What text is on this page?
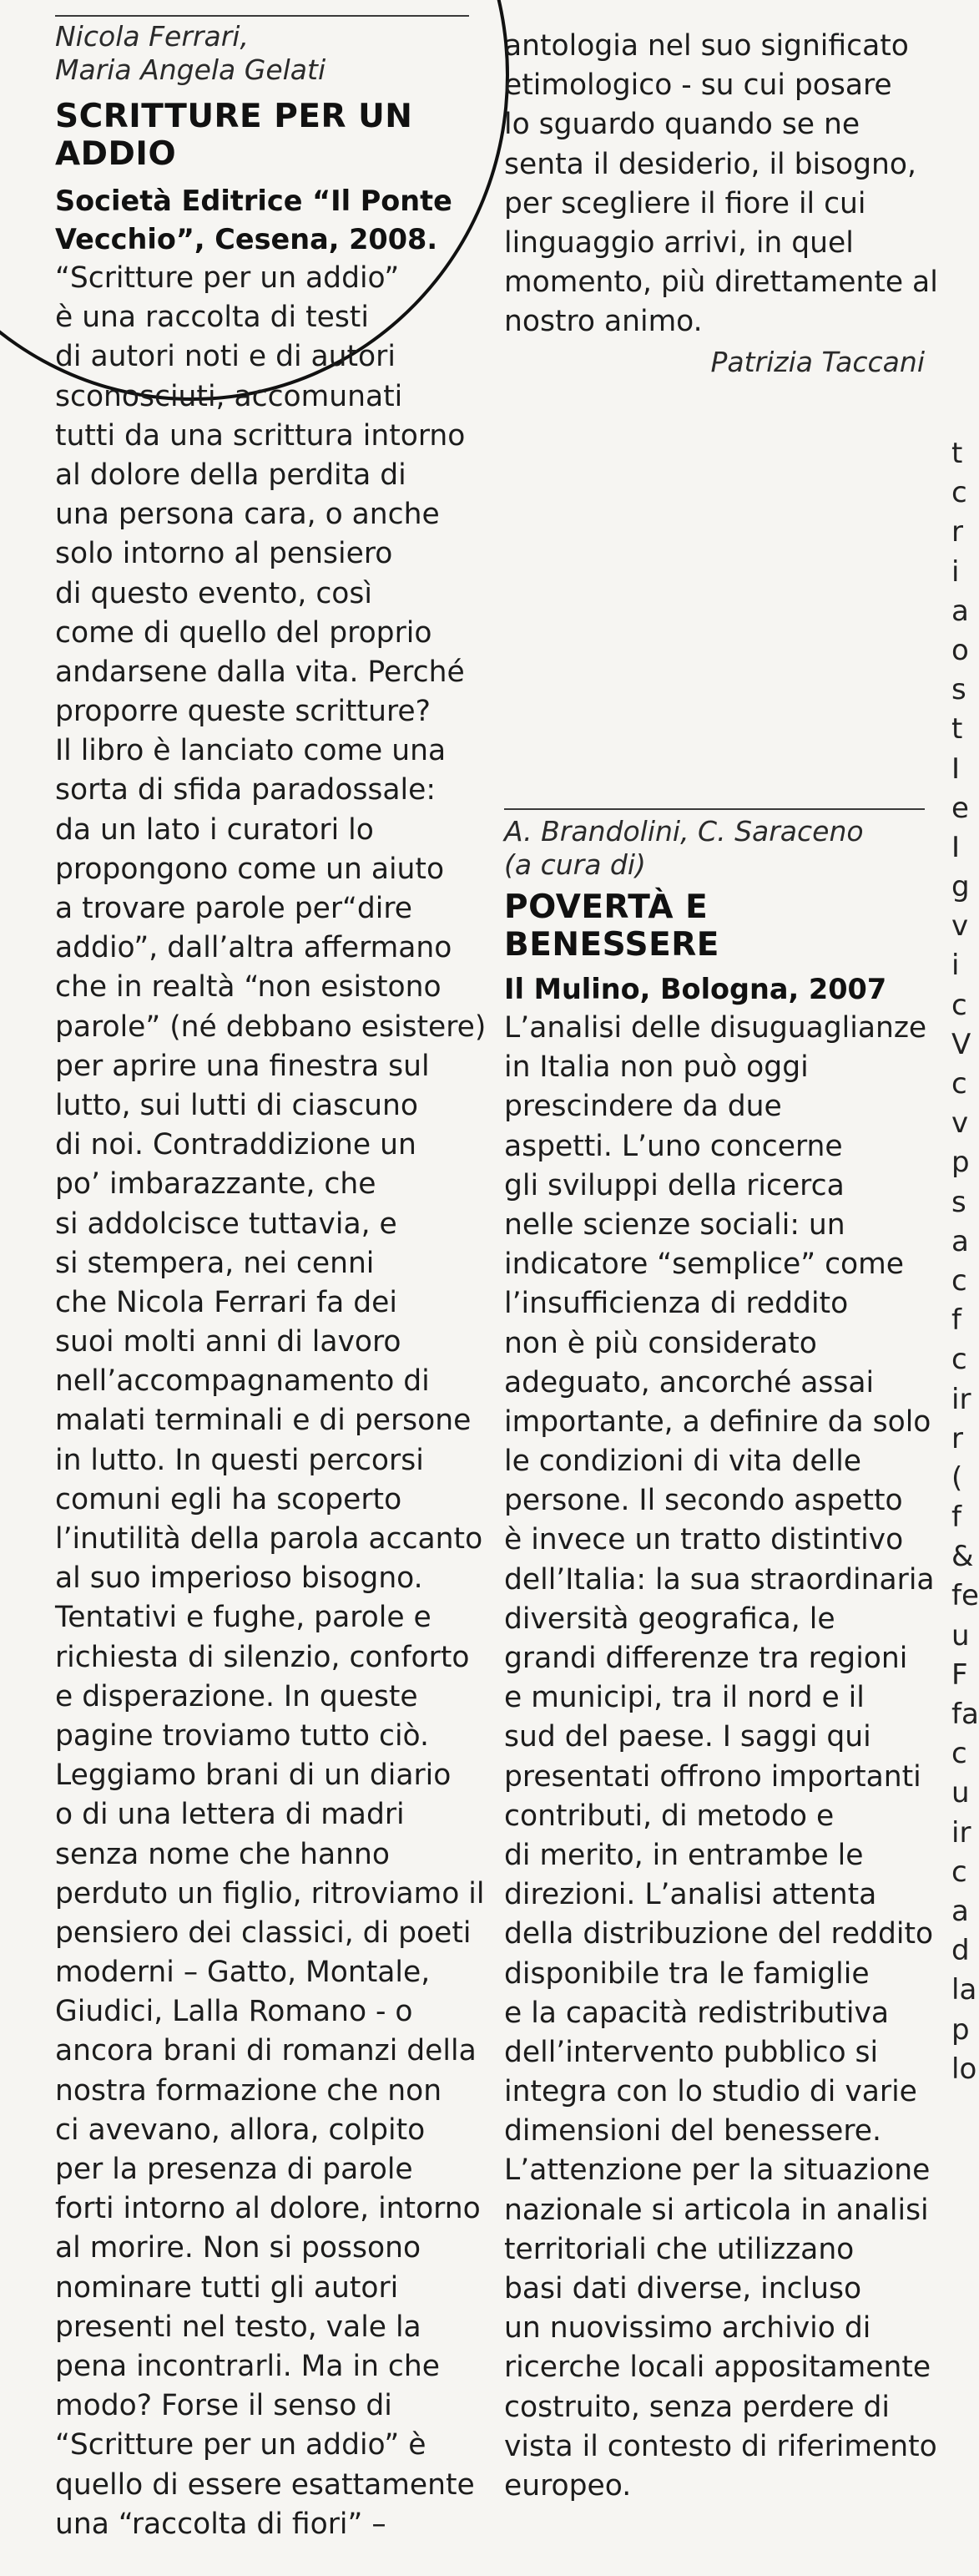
Nicola Ferrari,
Maria Angela Gelati
SCRITTURE PER UN
ADDIO
Società Editrice “Il Ponte
Vecchio”, Cesena, 2008.
“Scritture per un addio”
è una raccolta di testi
di autori noti e di autori
sconosciuti, accomunati
tutti da una scrittura intorno
al dolore della perdita di
una persona cara, o anche
solo intorno al pensiero
di questo evento, così
come di quello del proprio
andarsene dalla vita. Perché
proporre queste scritture?
Il libro è lanciato come una
sorta di sfida paradossale:
da un lato i curatori lo
propongono come un aiuto
a trovare parole per“dire
addio”, dall’altra affermano
che in realtà “non esistono
parole” (né debbano esistere)
per aprire una finestra sul
lutto, sui lutti di ciascuno
di noi. Contraddizione un
po’ imbarazzante, che
si addolcisce tuttavia, e
si stempera, nei cenni
che Nicola Ferrari fa dei
suoi molti anni di lavoro
nell’accompagnamento di
malati terminali e di persone
in lutto. In questi percorsi
comuni egli ha scoperto
l’inutilità della parola accanto
al suo imperioso bisogno.
Tentativi e fughe, parole e
richiesta di silenzio, conforto
e disperazione. In queste
pagine troviamo tutto ciò.
Leggiamo brani di un diario
o di una lettera di madri
senza nome che hanno
perduto un figlio, ritroviamo il
pensiero dei classici, di poeti
moderni – Gatto, Montale,
Giudici, Lalla Romano - o
ancora brani di romanzi della
nostra formazione che non
ci avevano, allora, colpito
per la presenza di parole
forti intorno al dolore, intorno
al morire. Non si possono
nominare tutti gli autori
presenti nel testo, vale la
pena incontrarli. Ma in che
modo? Forse il senso di
“Scritture per un addio” è
quello di essere esattamente
una “raccolta di fiori” –
antologia nel suo significato
etimologico - su cui posare
lo sguardo quando se ne
senta il desiderio, il bisogno,
per scegliere il fiore il cui
linguaggio arrivi, in quel
momento, più direttamente al
nostro animo.
Patrizia Taccani
A. Brandolini, C. Saraceno
(a cura di)
POVERTÀ E
BENESSERE
Il Mulino, Bologna, 2007
L’analisi delle disuguaglianze
in Italia non può oggi
prescindere da due
aspetti. L’uno concerne
gli sviluppi della ricerca
nelle scienze sociali: un
indicatore “semplice” come
l’insufficienza di reddito
non è più considerato
adeguato, ancorché assai
importante, a definire da solo
le condizioni di vita delle
persone. Il secondo aspetto
è invece un tratto distintivo
dell’Italia: la sua straordinaria
diversità geografica, le
grandi differenze tra regioni
e municipi, tra il nord e il
sud del paese. I saggi qui
presentati offrono importanti
contributi, di metodo e
di merito, in entrambe le
direzioni. L’analisi attenta
della distribuzione del reddito
disponibile tra le famiglie
e la capacità redistributiva
dell’intervento pubblico si
integra con lo studio di varie
dimensioni del benessere.
L’attenzione per la situazione
nazionale si articola in analisi
territoriali che utilizzano
basi dati diverse, incluso
un nuovissimo archivio di
ricerche locali appositamente
costruito, senza perdere di
vista il contesto di riferimento
europeo.
t
c
r
i
a
o
s
t
I
e
I
g
v
i
c
V
c
v
p
s
a
c
f
c
ir
r
(
f
&
fe
u
F
fa
c
u
ir
c
a
d
la
p
lo
